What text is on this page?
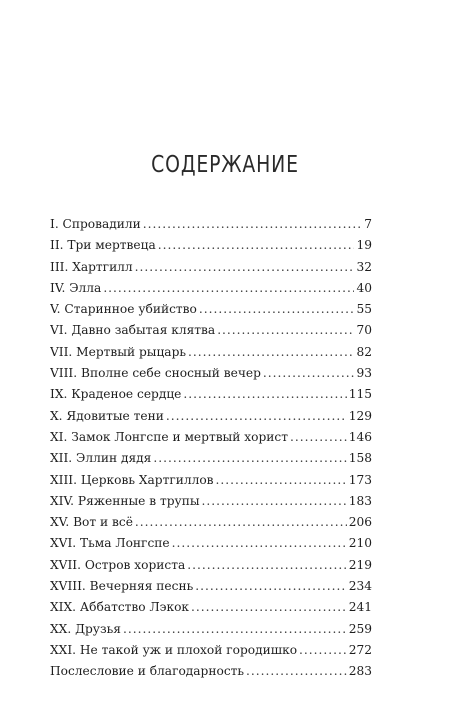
СОДЕРЖАНИЕ
I. Спровадили .....	7
II. Три мертвеца .....	19
III. Хартгилл .....	32
IV. Элла .....	40
V. Старинное убийство .....	55
VI. Давно забытая клятва .....	70
VII. Мертвый рыцарь .....	82
VIII. Вполне себе сносный вечер .....	93
IX. Краденое сердце .....	115
X. Ядовитые тени .....	129
XI. Замок Лонгспе и мертвый хорист .....	146
XII. Эллин дядя .....	158
XIII. Церковь Хартгиллов .....	173
XIV. Ряженные в трупы .....	183
XV. Вот и всё .....	206
XVI. Тьма Лонгспе .....	210
XVII. Остров хориста .....	219
XVIII. Вечерняя песнь .....	234
XIX. Аббатство Лэкок .....	241
XX. Друзья .....	259
XXI. Не такой уж и плохой городишко .....	272
Послесловие и благодарность .....	283
